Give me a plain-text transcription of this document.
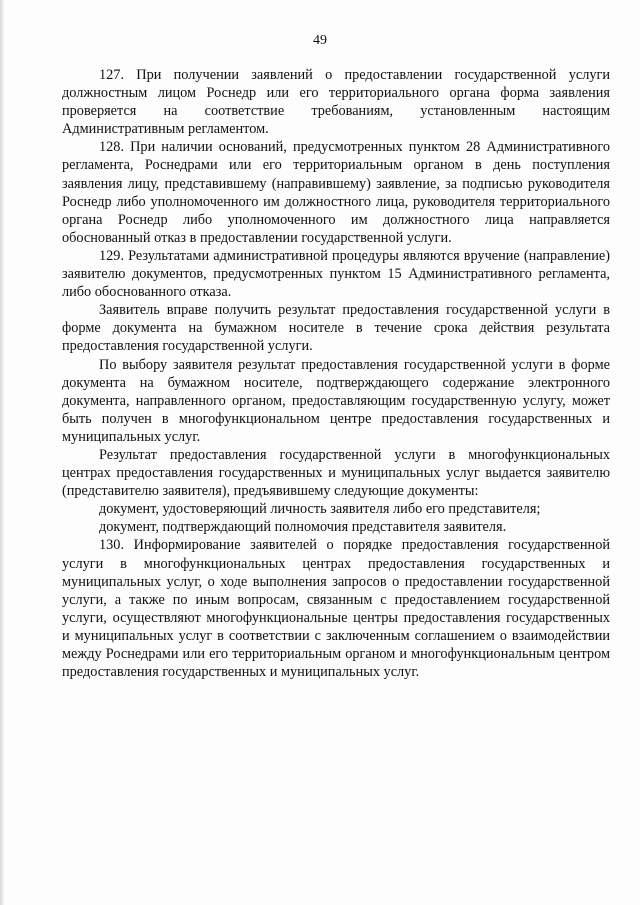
49

127. При получении заявлений о предоставлении государственной услуги должностным лицом Роснедр или его территориального органа форма заявления проверяется на соответствие требованиям, установленным настоящим Административным регламентом.

128. При наличии оснований, предусмотренных пунктом 28 Административного регламента, Роснедрами или его территориальным органом в день поступления заявления лицу, представившему (направившему) заявление, за подписью руководителя Роснедр либо уполномоченного им должностного лица, руководителя территориального органа Роснедр либо уполномоченного им должностного лица направляется обоснованный отказ в предоставлении государственной услуги.

129. Результатами административной процедуры являются вручение (направление) заявителю документов, предусмотренных пунктом 15 Административного регламента, либо обоснованного отказа.

Заявитель вправе получить результат предоставления государственной услуги в форме документа на бумажном носителе в течение срока действия результата предоставления государственной услуги.

По выбору заявителя результат предоставления государственной услуги в форме документа на бумажном носителе, подтверждающего содержание электронного документа, направленного органом, предоставляющим государственную услугу, может быть получен в многофункциональном центре предоставления государственных и муниципальных услуг.

Результат предоставления государственной услуги в многофункциональных центрах предоставления государственных и муниципальных услуг выдается заявителю (представителю заявителя), предъявившему следующие документы:

документ, удостоверяющий личность заявителя либо его представителя;

документ, подтверждающий полномочия представителя заявителя.

130. Информирование заявителей о порядке предоставления государственной услуги в многофункциональных центрах предоставления государственных и муниципальных услуг, о ходе выполнения запросов о предоставлении государственной услуги, а также по иным вопросам, связанным с предоставлением государственной услуги, осуществляют многофункциональные центры предоставления государственных и муниципальных услуг в соответствии с заключенным соглашением о взаимодействии между Роснедрами или его территориальным органом и многофункциональным центром предоставления государственных и муниципальных услуг.
